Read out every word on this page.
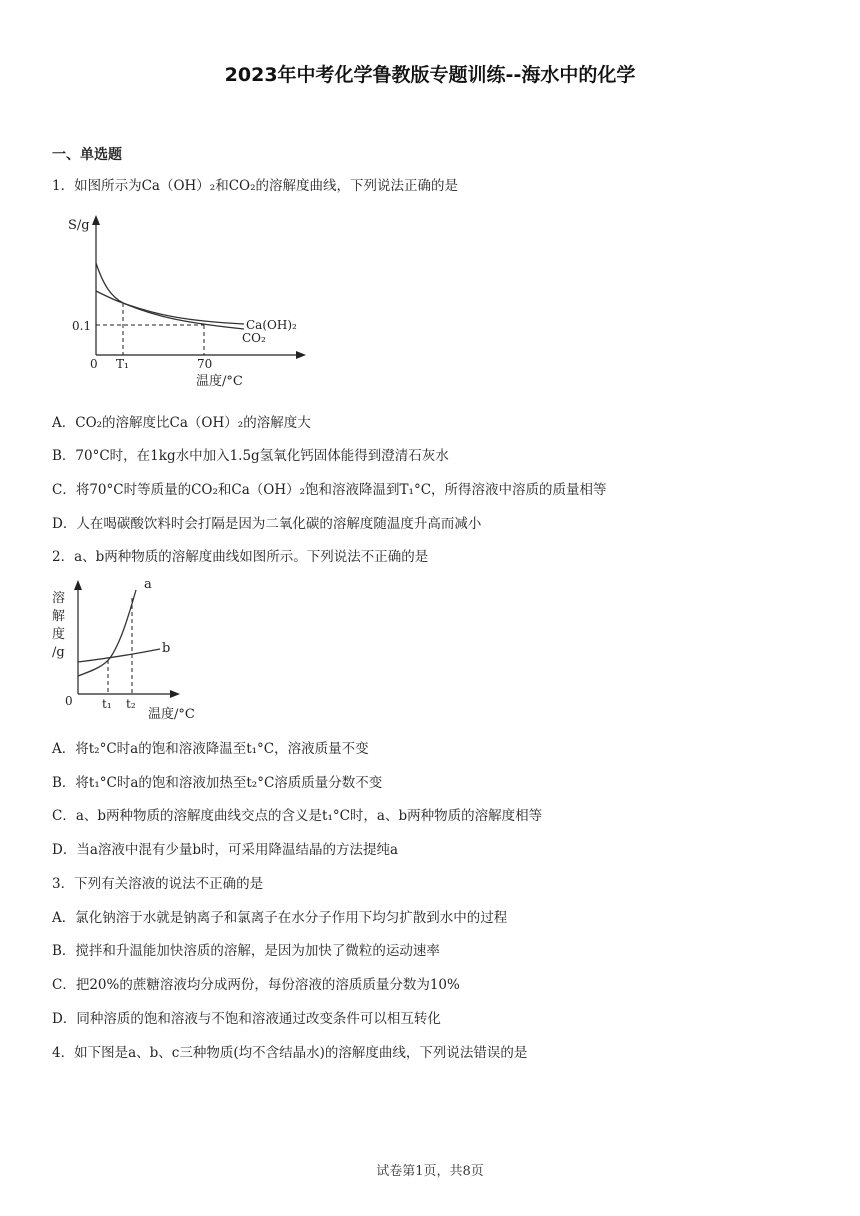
2023年中考化学鲁教版专题训练--海水中的化学
一、单选题
1．如图所示为Ca（OH）₂和CO₂的溶解度曲线，下列说法正确的是
S/g
0.1
0 T₁	70
温度/°C
Ca(OH)₂
CO₂
A．CO₂的溶解度比Ca（OH）₂的溶解度大
B．70°C时，在1kg水中加入1.5g氢氧化钙固体能得到澄清石灰水
C．将70°C时等质量的CO₂和Ca（OH）₂饱和溶液降温到T₁°C，所得溶液中溶质的质量相等
D．人在喝碳酸饮料时会打隔是因为二氧化碳的溶解度随温度升高而减小
2．a、b两种物质的溶解度曲线如图所示。下列说法不正确的是
溶
解
度
/g
0 t₁ t₂
温度/°C
a
b
A．将t₂°C时a的饱和溶液降温至t₁°C，溶液质量不变
B．将t₁°C时a的饱和溶液加热至t₂°C溶质质量分数不变
C．a、b两种物质的溶解度曲线交点的含义是t₁°C时，a、b两种物质的溶解度相等
D．当a溶液中混有少量b时，可采用降温结晶的方法提纯a
3．下列有关溶液的说法不正确的是
A．氯化钠溶于水就是钠离子和氯离子在水分子作用下均匀扩散到水中的过程
B．搅拌和升温能加快溶质的溶解，是因为加快了微粒的运动速率
C．把20%的蔗糖溶液均分成两份，每份溶液的溶质质量分数为10%
D．同种溶质的饱和溶液与不饱和溶液通过改变条件可以相互转化
4．如下图是a、b、c三种物质(均不含结晶水)的溶解度曲线，下列说法错误的是
试卷第1页，共8页
